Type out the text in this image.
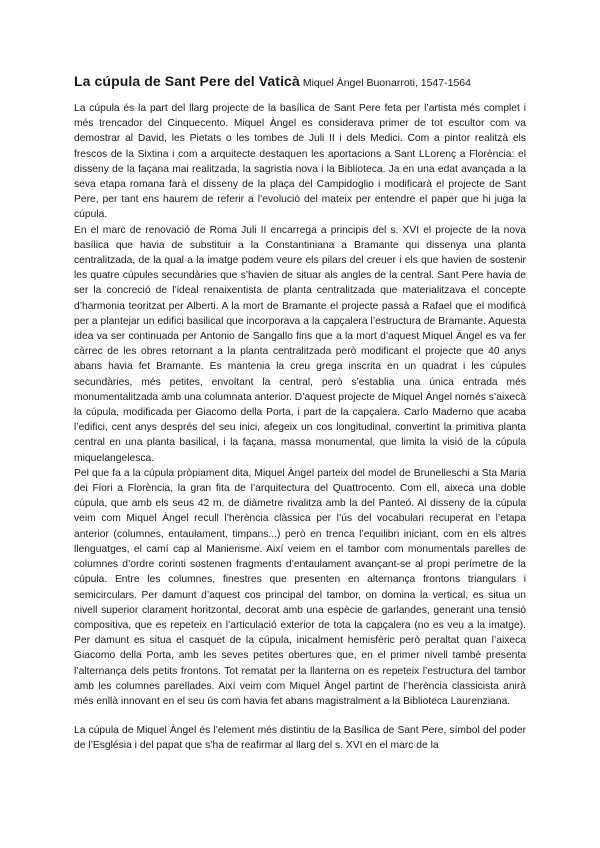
La cúpula de Sant Pere del Vaticà Miquel Àngel Buonarroti, 1547-1564

La cúpula és la part del llarg projecte de la basílica de Sant Pere feta per l’artista més complet i més trencador del Cinquecento. Miquel Àngel es considerava primer de tot escultor com va demostrar al David, les Pietats o les tombes de Juli II i dels Medici. Com a pintor realitzà els frescos de la Sixtina i com a arquitecte destaquen les aportacions a Sant LLorenç a Florència: el disseny de la façana mai realitzada, la sagristia nova i la Biblioteca. Ja en una edat avançada a la seva etapa romana farà el disseny de la plaça del Campidoglio i modificarà el projecte de Sant Pere, per tant ens haurem de referir a l’evolució del mateix per entendre el paper que hi juga la cúpula.

En el marc de renovació de Roma Juli II encarrega a principis del s. XVI el projecte de la nova basílica que havia de substituir a la Constantiniana a Bramante qui dissenya una planta centralitzada, de la qual a la imatge podem veure els pilars del creuer i els que havien de sostenir les quatre cúpules secundàries que s’havien de situar als angles de la central. Sant Pere havia de ser la concreció de l’ideal renaixentista de planta centralitzada que materialitzava el concepte d’harmonia teoritzat per Alberti. A la mort de Bramante el projecte passà a Rafael que el modificà per a plantejar un edifici basilical que incorporava a la capçalera l’estructura de Bramante. Aquesta idea va ser continuada per Antonio de Sangallo fins que a la mort d’aquest Miquel Àngel es va fer càrrec de les obres retornant a la planta centralitzada però modificant el projecte que 40 anys abans havia fet Bramante. Es mantenia la creu grega inscrita en un quadrat i les cúpules secundàries, més petites, envoltant la central, però s’establia una única entrada més monumentalitzada amb una columnata anterior. D’aquest projecte de Miquel Àngel només s’aixecà la cúpula, modificada per Giacomo della Porta, i part de la capçalera. Carlo Maderno que acaba l’edifici, cent anys després del seu inici, afegeix un cos longitudinal, convertint la primitiva planta central en una planta basilical, i la façana, massa monumental, que limita la visió de la cúpula miquelangelesca.

Pel que fa a la cúpula pròpiament dita, Miquel Àngel parteix del model de Brunelleschi a Sta Maria dei Fiori a Florència, la gran fita de l’arquitectura del Quattrocento. Com ell, aixeca una doble cúpula, que amb els seus 42 m. de diàmetre rivalitza amb la del Panteó. Al disseny de la cúpula veim com Miquel Àngel recull l’herència clàssica per l’ús del vocabulari recuperat en l’etapa anterior (columnes, entaulament, timpans...) però en trenca l’equilibri iniciant, com en els altres llenguatges, el camí cap al Manierisme. Així veiem en el tambor com monumentals parelles de columnes d’ordre corinti sostenen fragments d’entaulament avançant-se al propi perímetre de la cúpula. Entre les columnes, finestres que presenten en alternança frontons triangulars i semicirculars. Per damunt d’aquest cos principal del tambor, on domina la vertical, es situa un nivell superior clarament horitzontal, decorat amb una espècie de garlandes, generant una tensió compositiva, que es repeteix en l’articulació exterior de tota la capçalera (no es veu a la imatge). Per damunt es situa el casquet de la cúpula, inicalment hemisfèric però peraltat quan l’aixeca Giacomo della Porta, amb les seves petites obertures que, en el primer nivell també presenta l’alternança dels petits frontons. Tot rematat per la llanterna on es repeteix l’estructura del tambor amb les columnes parellades. Així veim com Miquel Àngel partint de l’herència classicista anirà més enllà innovant en el seu ús com havia fet abans magistralment a la Biblioteca Laurenziana.

La cúpula de Miquel Àngel és l’element més distintiu de la Basílica de Sant Pere, símbol del poder de l’Església i del papat que s’ha de reafirmar al llarg del s. XVI en el marc de la
